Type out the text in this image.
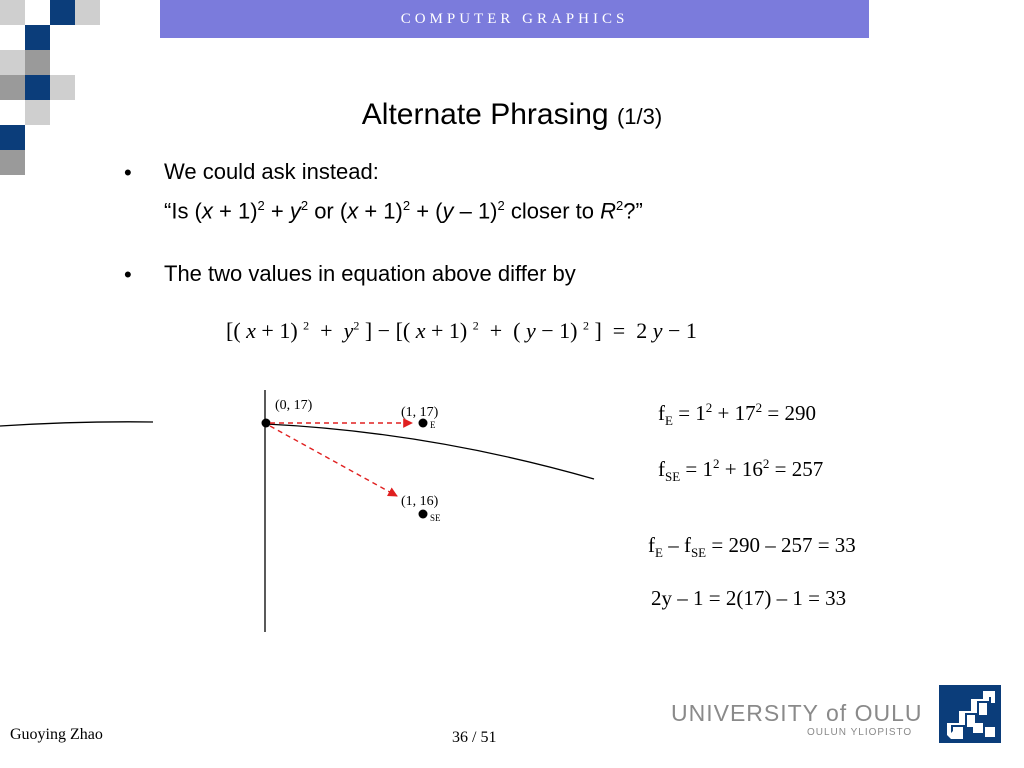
COMPUTER GRAPHICS
Alternate Phrasing (1/3)
• We could ask instead:
“Is $(x + 1)^2 + y^2$ or $(x + 1)^2 + (y - 1)^2$ closer to $R^2$?”
• The two values in equation above differ by
[( x + 1) $^2 + y^2$ ] − [( x + 1) $^2$  +  ( y − 1) $^2$ ]  =  2 y − 1
(0, 17)	(1, 17)
E
(1, 16)
SE
$f_E = 1^2 + 17^2 = 290$
$f_{SE} = 1^2 + 16^2 = 257$
$f_E - f_{SE} = 290 - 257 = 33$
2y – 1 = 2(17) – 1 = 33
Guoying Zhao	36 / 51
UNIVERSITY of OULU
OULUN YLIOPISTO
